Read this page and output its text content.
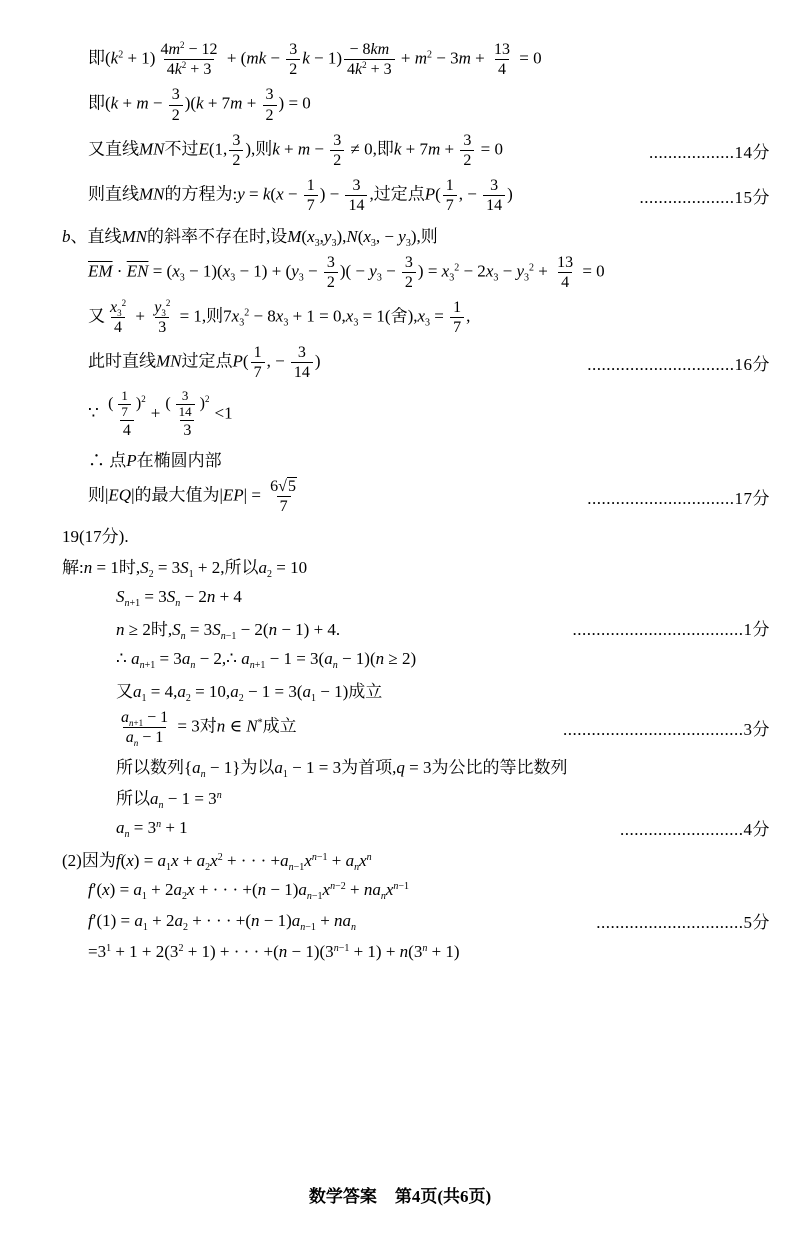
即$(k^2 + 1) \frac{4m^2 - 12}{4k^2 + 3} + (mk - \frac{3}{2}$ $k - 1) \frac{- 8km}{4k^2 + 3} + m^2 - 3m + \frac{13}{4} = 0$
即$(k + m - \frac{3}{2} )(k + 7m + \frac{3}{2}$ ) = 0
又直线MN不过E(1, $\frac{3}{2}$ ),则$k + m - \frac{3}{2} \ne 0$,即$k + 7m + \frac{3}{2} = 0$	..................14分
则直线MN的方程为:y = $k(x - \frac{1}{7}$ ) − $\frac{3}{14}$ ,过定点$P( \frac{1}{7}$ , − $\frac{3}{14}$ )	....................15分
b、直线MN的斜率不存在时,设$M(x_3,y_3),N(x_3$, − $y_3$),则
$\overline{EM} \cdot \overline{EN} = (x_3 - 1)(x_3 - 1) + (y_3 - \frac{3}{2}$ )( − $y_3 - \frac{3}{2}$ ) = $x_3^2 - 2x_3 - y_3^2 + \frac{13}{4} = 0$
又 $\frac{x_3^2}{4} + \frac{y_3^2}{3} = 1$,则$7x_3^2 - 8x_3 + 1 = 0,x_3 = 1$(舍)$,x_3 = \frac{1}{7}$ ,
此时直线MN过定点$P( \frac{1}{7}$ , − $\frac{3}{14}$ )	...............................16分
∵ $\frac{( \frac{1}{7} )^2}{4} + \frac{( \frac{3}{14} )^2}{3} <1$
∴ 点P在椭圆内部
则|EQ|的最大值为$|EP| = \frac{6√5}{7}$	...............................17分
19(17分).
解:n = 1时$,S_2 = 3S_1 + 2$,所以$a_2 = 10$
$S_{n+1} = 3S_n - 2n + 4$
n ≥ 2时$,S_n = 3S_{n-1} - 2(n - 1) + 4$.	....................................1分
∴ $a_{n+1} = 3a_n$ − 2,∴ $a_{n+1} - 1 = 3(a_n - 1)(n \ge 2)$
又$a_1 = 4,a_2 = 10,a_2 - 1 = 3(a_1 - 1)$成立
$\frac{a_{n+1} - 1}{a_n - 1} = 3$对n ∈ N*成立	......................................3分
所以数列$\{a_n - 1\}$为以$a_1 - 1 = 3$为首项,q = 3为公比的等比数列
所以$a_n - 1 = 3^n$
$a_n = 3^n + 1$	..........................4分
(2)因为$f(x) = a_1x + a_2x^2$ + · · · $+a_{n-1}x^{n-1} + a_nx^n$
$f'(x) = a_1 + 2a_2x$ + · · · $+(n - 1)a_{n-1}x^{n-2} + na_nx^{n-1}$
$f'(1) = a_1 + 2a_2$ + · · · $+(n - 1)a_{n-1} + na_n$	...............................5分
$=3^1 + 1 + 2(3^2 + 1)$ + · · · $+(n - 1)(3^{n-1} + 1) + n(3^n + 1)$
数学答案 第4页(共6页)
